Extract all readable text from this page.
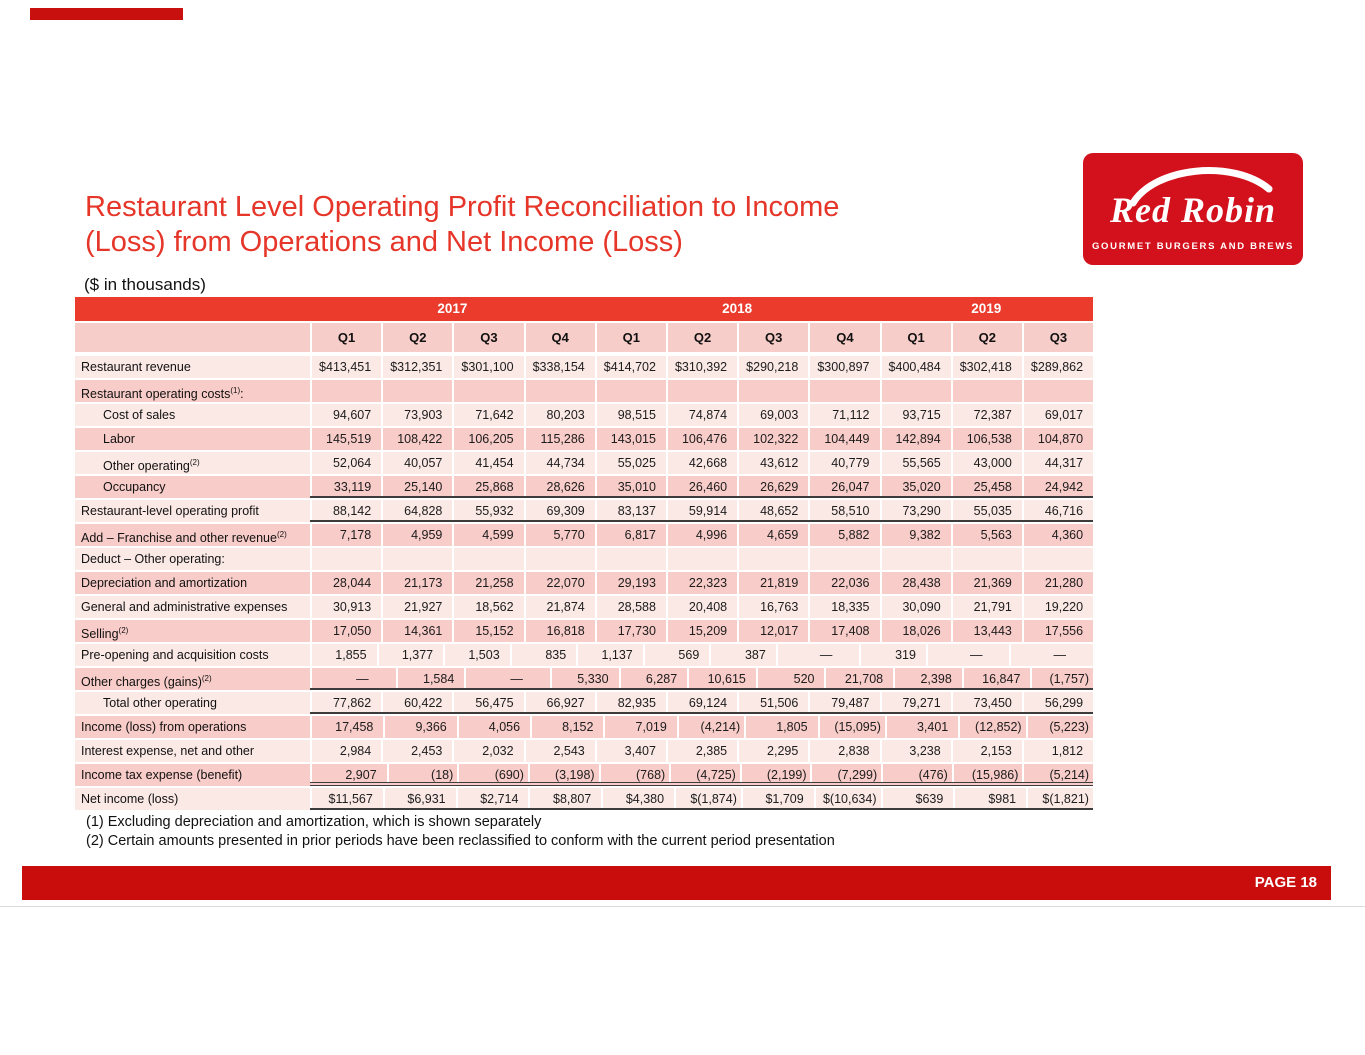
Restaurant Level Operating Profit Reconciliation to Income
(Loss) from Operations and Net Income (Loss)
($ in thousands)
Red Robin
GOURMET BURGERS AND BREWS
2017	2018	2019
Q1	Q2	Q3	Q4	Q1	Q2	Q3	Q4	Q1	Q2	Q3
Restaurant revenue	$413,451	$312,351	$301,100	$338,154	$414,702	$310,392	$290,218	$300,897	$400,484	$302,418	$289,862
Restaurant operating costs$^{(1)}$:
Cost of sales	94,607	73,903	71,642	80,203	98,515	74,874	69,003	71,112	93,715	72,387	69,017
Labor	145,519	108,422	106,205	115,286	143,015	106,476	102,322	104,449	142,894	106,538	104,870
Other operating$^{(2)}$	52,064	40,057	41,454	44,734	55,025	42,668	43,612	40,779	55,565	43,000	44,317
Occupancy	33,119	25,140	25,868	28,626	35,010	26,460	26,629	26,047	35,020	25,458	24,942
Restaurant-level operating profit	88,142	64,828	55,932	69,309	83,137	59,914	48,652	58,510	73,290	55,035	46,716
Add – Franchise and other revenue$^{(2)}$	7,178	4,959	4,599	5,770	6,817	4,996	4,659	5,882	9,382	5,563	4,360
Deduct – Other operating:
Depreciation and amortization	28,044	21,173	21,258	22,070	29,193	22,323	21,819	22,036	28,438	21,369	21,280
General and administrative expenses	30,913	21,927	18,562	21,874	28,588	20,408	16,763	18,335	30,090	21,791	19,220
Selling$^{(2)}$	17,050	14,361	15,152	16,818	17,730	15,209	12,017	17,408	18,026	13,443	17,556
Pre-opening and acquisition costs	1,855	1,377	1,503	835	1,137	569	387	—	319	—	—
Other charges (gains)$^{(2)}$	—	1,584	—	5,330	6,287	10,615	520	21,708	2,398	16,847	(1,757)
Total other operating	77,862	60,422	56,475	66,927	82,935	69,124	51,506	79,487	79,271	73,450	56,299
Income (loss) from operations	17,458	9,366	4,056	8,152	7,019	(4,214)	1,805	(15,095)	3,401	(12,852)	(5,223)
Interest expense, net and other	2,984	2,453	2,032	2,543	3,407	2,385	2,295	2,838	3,238	2,153	1,812
Income tax expense (benefit)	2,907	(18)	(690)	(3,198)	(768)	(4,725)	(2,199)	(7,299)	(476)	(15,986)	(5,214)
Net income (loss)	$11,567	$6,931	$2,714	$8,807	$4,380	$(1,874)	$1,709	$(10,634)	$639	$981	$(1,821)
(1) Excluding depreciation and amortization, which is shown separately
(2) Certain amounts presented in prior periods have been reclassified to conform with the current period presentation
PAGE 18
